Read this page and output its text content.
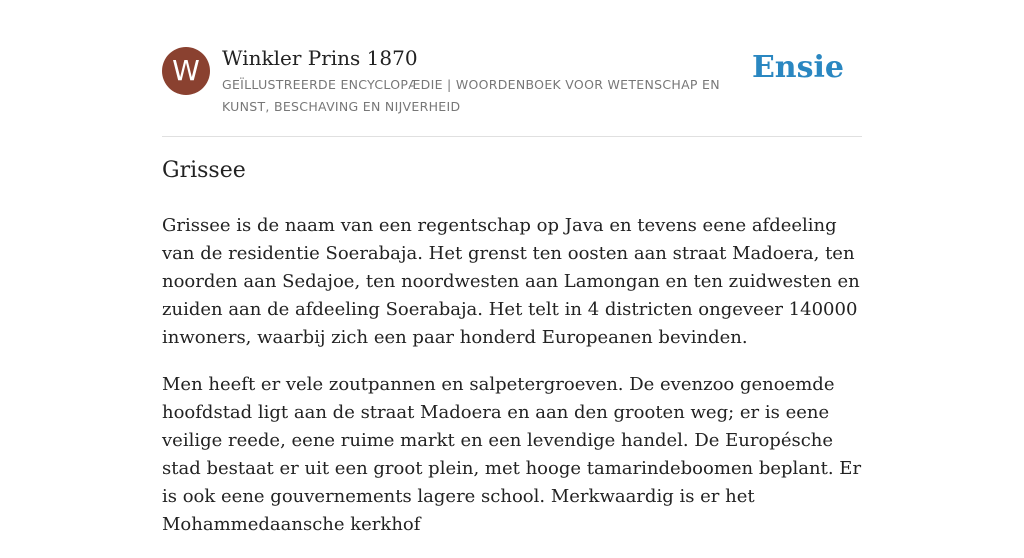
W	Winkler Prins 1870
GEÏLLUSTREERDE ENCYCLOPÆDIE | WOORDENBOEK VOOR WETENSCHAP EN KUNST, BESCHAVING EN NIJVERHEID
Ensie
Grissee

Grissee is de naam van een regentschap op Java en tevens eene afdeeling van de residentie Soerabaja. Het grenst ten oosten aan straat Madoera, ten noorden aan Sedajoe, ten noordwesten aan Lamongan en ten zuidwesten en zuiden aan de afdeeling Soerabaja. Het telt in 4 districten ongeveer 140000 inwoners, waarbij zich een paar honderd Europeanen bevinden.

Men heeft er vele zoutpannen en salpetergroeven. De evenzoo genoemde hoofdstad ligt aan de straat Madoera en aan den grooten weg; er is eene veilige reede, eene ruime markt en een levendige handel. De Europésche stad bestaat er uit een groot plein, met hooge tamarindeboomen beplant. Er is ook eene gouvernements lagere school. Merkwaardig is er het Mohammedaansche kerkhof
